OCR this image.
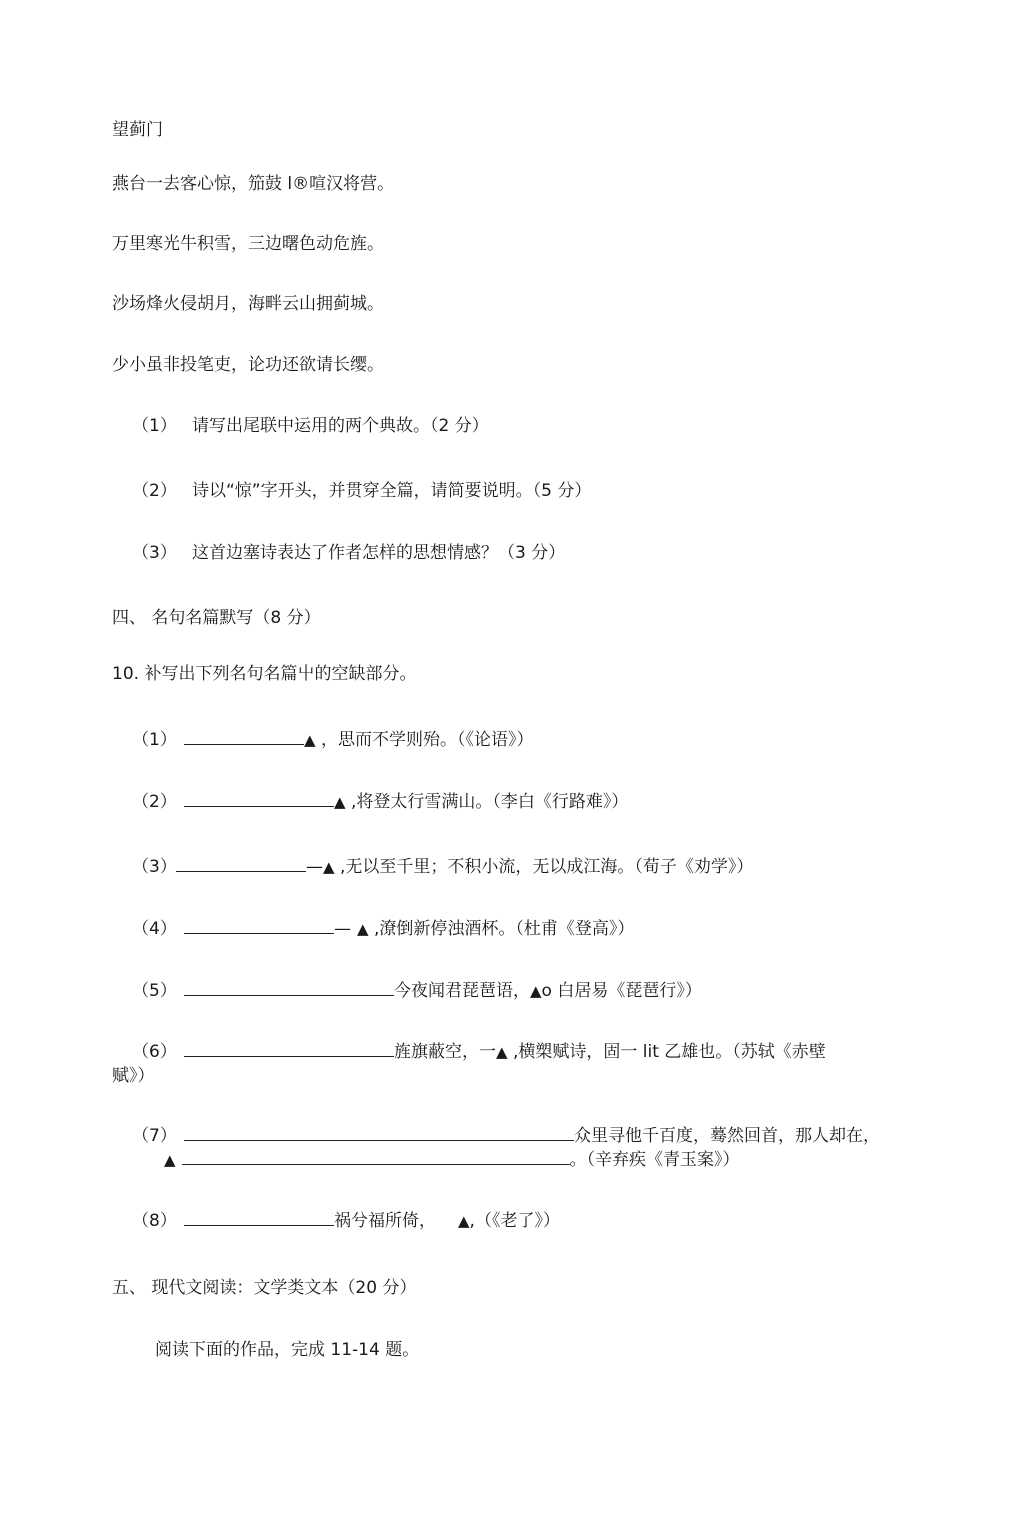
望蓟门
燕台一去客心惊，笳鼓 l®喧汉将营。
万里寒光牛积雪，三边曙色动危旌。
沙场烽火侵胡月，海畔云山拥蓟城。
少小虽非投笔吏，论功还欲请长缨。
（1） 请写出尾联中运用的两个典故。（2 分）
（2） 诗以“惊”字开头，并贯穿全篇，请简要说明。（5 分）
（3） 这首边塞诗表达了作者怎样的思想情感？（3 分）
四、 名句名篇默写（8 分）
10. 补写出下列名句名篇屮的空缺部分。
（1）	▲ ，思而不学则殆。（《论语》）
（2）	▲ ,将登太行雪满山。（李白《行路难》）
（3）	—▲ ,无以至千里；不积小流，无以成江海。（荀子《劝学》）
（4）	— ▲ ,潦倒新停浊酒杯。（杜甫《登高》）
（5）	今夜闻君琵琶语，▲o 白居易《琵琶行》）
（6）	旌旗蔽空，一▲ ,横槊赋诗，固一 lit 乙雄也。（苏轼《赤壁
赋》）
（7）	众里寻他千百度，蓦然回首，那人却在，
▲	。（辛弃疾《青玉案》）
（8）	祸兮福所倚， ▲,（《老了》）
五、 现代文阅读：文学类文本（20 分）
阅读下面的作品，完成 11-14 题。
